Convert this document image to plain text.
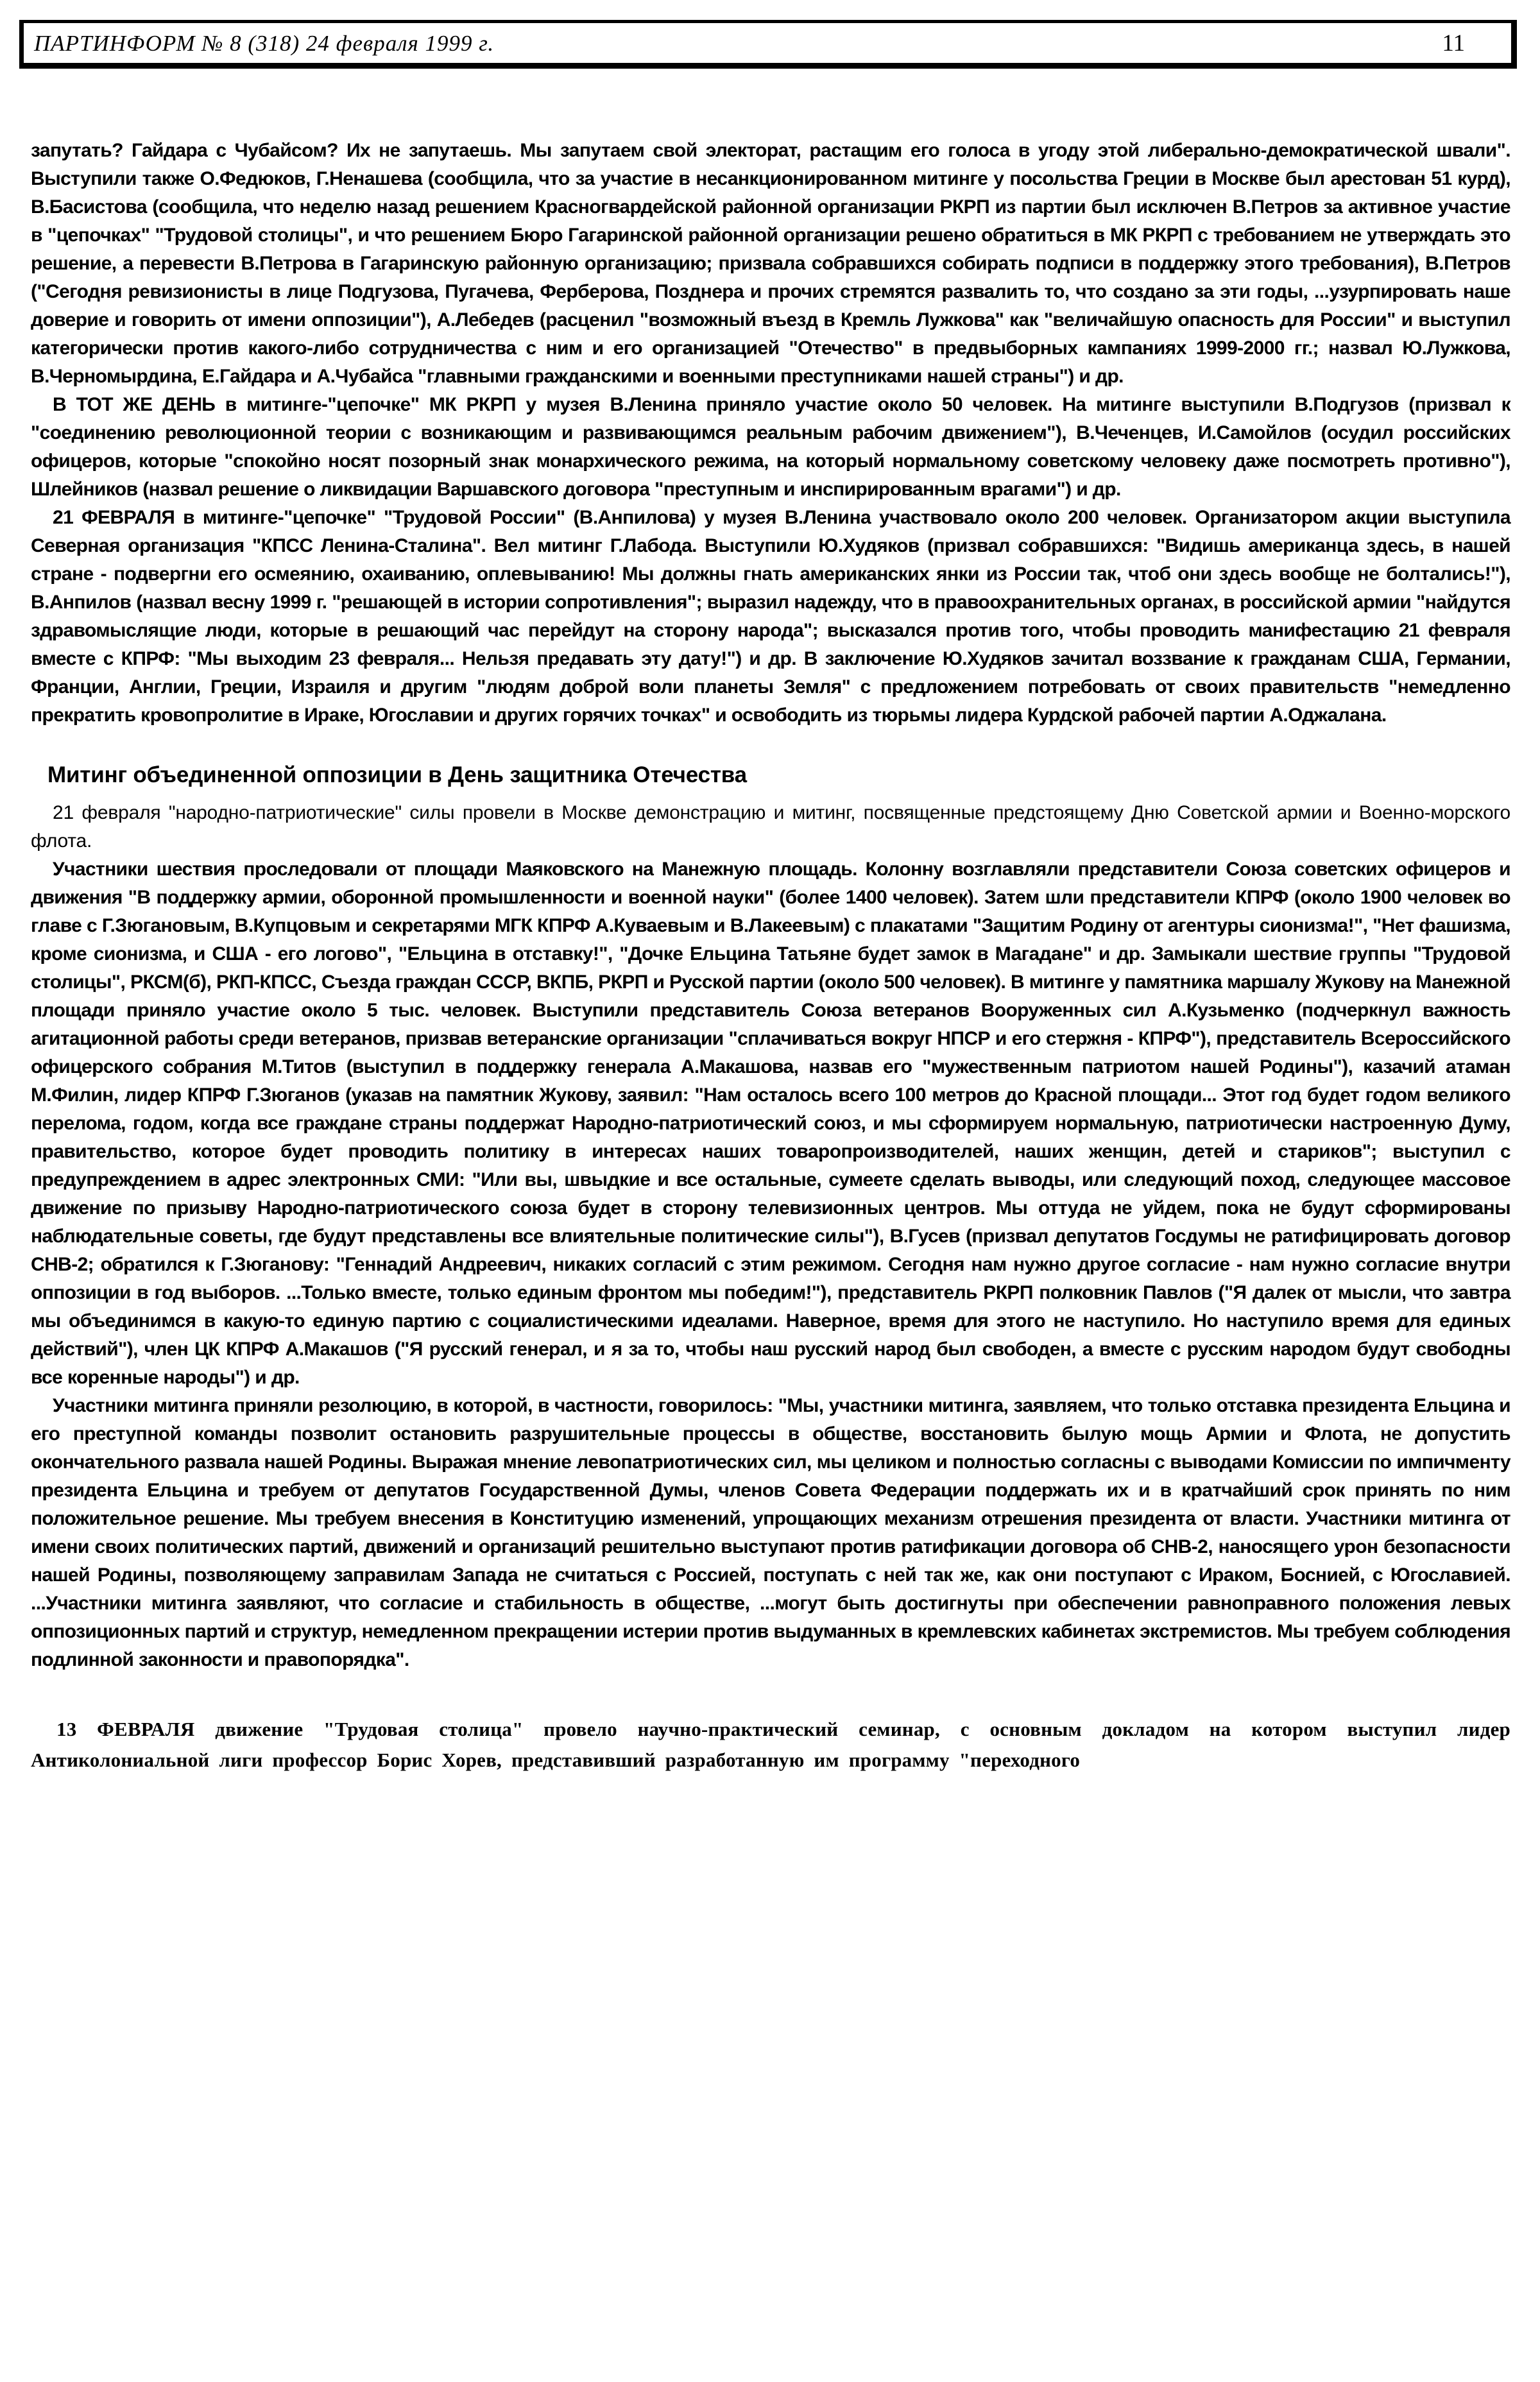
ПАРТИНФОРМ № 8 (318) 24 февраля 1999 г.	11

запутать? Гайдара с Чубайсом? Их не запутаешь. Мы запутаем свой электорат, растащим его голоса в угоду этой либерально-демократической швали". Выступили также О.Федюков, Г.Ненашева (сообщила, что за участие в несанкционированном митинге у посольства Греции в Москве был арестован 51 курд), В.Басистова (сообщила, что неделю назад решением Красногвардейской районной организации РКРП из партии был исключен В.Петров за активное участие в "цепочках" "Трудовой столицы", и что решением Бюро Гагаринской районной организации решено обратиться в МК РКРП с требованием не утверждать это решение, а перевести В.Петрова в Гагаринскую районную организацию; призвала собравшихся собирать подписи в поддержку этого требования), В.Петров ("Сегодня ревизионисты в лице Подгузова, Пугачева, Ферберова, Позднера и прочих стремятся развалить то, что создано за эти годы, ...узурпировать наше доверие и говорить от имени оппозиции"), А.Лебедев (расценил "возможный въезд в Кремль Лужкова" как "величайшую опасность для России" и выступил категорически против какого-либо сотрудничества с ним и его организацией "Отечество" в предвыборных кампаниях 1999-2000 гг.; назвал Ю.Лужкова, В.Черномырдина, Е.Гайдара и А.Чубайса "главными гражданскими и военными преступниками нашей страны") и др.

В ТОТ ЖЕ ДЕНЬ в митинге-"цепочке" МК РКРП у музея В.Ленина приняло участие около 50 человек. На митинге выступили В.Подгузов (призвал к "соединению революционной теории с возникающим и развивающимся реальным рабочим движением"), В.Чеченцев, И.Самойлов (осудил российских офицеров, которые "спокойно носят позорный знак монархического режима, на который нормальному советскому человеку даже посмотреть противно"), Шлейников (назвал решение о ликвидации Варшавского договора "преступным и инспирированным врагами") и др.

21 ФЕВРАЛЯ в митинге-"цепочке" "Трудовой России" (В.Анпилова) у музея В.Ленина участвовало около 200 человек. Организатором акции выступила Северная организация "КПСС Ленина-Сталина". Вел митинг Г.Лабода. Выступили Ю.Худяков (призвал собравшихся: "Видишь американца здесь, в нашей стране - подвергни его осмеянию, охаиванию, оплевыванию! Мы должны гнать американских янки из России так, чтоб они здесь вообще не болтались!"), В.Анпилов (назвал весну 1999 г. "решающей в истории сопротивления"; выразил надежду, что в правоохранительных органах, в российской армии "найдутся здравомыслящие люди, которые в решающий час перейдут на сторону народа"; высказался против того, чтобы проводить манифестацию 21 февраля вместе с КПРФ: "Мы выходим 23 февраля... Нельзя предавать эту дату!") и др. В заключение Ю.Худяков зачитал воззвание к гражданам США, Германии, Франции, Англии, Греции, Израиля и другим "людям доброй воли планеты Земля" с предложением потребовать от своих правительств "немедленно прекратить кровопролитие в Ираке, Югославии и других горячих точках" и освободить из тюрьмы лидера Курдской рабочей партии А.Оджалана.

Митинг объединенной оппозиции в День защитника Отечества

21 февраля "народно-патриотические" силы провели в Москве демонстрацию и митинг, посвященные предстоящему Дню Советской армии и Военно-морского флота.

Участники шествия проследовали от площади Маяковского на Манежную площадь. Колонну возглавляли представители Союза советских офицеров и движения "В поддержку армии, оборонной промышленности и военной науки" (более 1400 человек). Затем шли представители КПРФ (около 1900 человек во главе с Г.Зюгановым, В.Купцовым и секретарями МГК КПРФ А.Куваевым и В.Лакеевым) с плакатами "Защитим Родину от агентуры сионизма!", "Нет фашизма, кроме сионизма, и США - его логово", "Ельцина в отставку!", "Дочке Ельцина Татьяне будет замок в Магадане" и др. Замыкали шествие группы "Трудовой столицы", РКСМ(б), РКП-КПСС, Съезда граждан СССР, ВКПБ, РКРП и Русской партии (около 500 человек). В митинге у памятника маршалу Жукову на Манежной площади приняло участие около 5 тыс. человек. Выступили представитель Союза ветеранов Вооруженных сил А.Кузьменко (подчеркнул важность агитационной работы среди ветеранов, призвав ветеранские организации "сплачиваться вокруг НПСР и его стержня - КПРФ"), представитель Всероссийского офицерского собрания М.Титов (выступил в поддержку генерала А.Макашова, назвав его "мужественным патриотом нашей Родины"), казачий атаман М.Филин, лидер КПРФ Г.Зюганов (указав на памятник Жукову, заявил: "Нам осталось всего 100 метров до Красной площади... Этот год будет годом великого перелома, годом, когда все граждане страны поддержат Народно-патриотический союз, и мы сформируем нормальную, патриотически настроенную Думу, правительство, которое будет проводить политику в интересах наших товаропроизводителей, наших женщин, детей и стариков"; выступил с предупреждением в адрес электронных СМИ: "Или вы, швыдкие и все остальные, сумеете сделать выводы, или следующий поход, следующее массовое движение по призыву Народно-патриотического союза будет в сторону телевизионных центров. Мы оттуда не уйдем, пока не будут сформированы наблюдательные советы, где будут представлены все влиятельные политические силы"), В.Гусев (призвал депутатов Госдумы не ратифицировать договор СНВ-2; обратился к Г.Зюганову: "Геннадий Андреевич, никаких согласий с этим режимом. Сегодня нам нужно другое согласие - нам нужно согласие внутри оппозиции в год выборов. ...Только вместе, только единым фронтом мы победим!"), представитель РКРП полковник Павлов ("Я далек от мысли, что завтра мы объединимся в какую-то единую партию с социалистическими идеалами. Наверное, время для этого не наступило. Но наступило время для единых действий"), член ЦК КПРФ А.Макашов ("Я русский генерал, и я за то, чтобы наш русский народ был свободен, а вместе с русским народом будут свободны все коренные народы") и др.

Участники митинга приняли резолюцию, в которой, в частности, говорилось: "Мы, участники митинга, заявляем, что только отставка президента Ельцина и его преступной команды позволит остановить разрушительные процессы в обществе, восстановить былую мощь Армии и Флота, не допустить окончательного развала нашей Родины. Выражая мнение левопатриотических сил, мы целиком и полностью согласны с выводами Комиссии по импичменту президента Ельцина и требуем от депутатов Государственной Думы, членов Совета Федерации поддержать их и в кратчайший срок принять по ним положительное решение. Мы требуем внесения в Конституцию изменений, упрощающих механизм отрешения президента от власти. Участники митинга от имени своих политических партий, движений и организаций решительно выступают против ратификации договора об СНВ-2, наносящего урон безопасности нашей Родины, позволяющему заправилам Запада не считаться с Россией, поступать с ней так же, как они поступают с Ираком, Боснией, с Югославией. ...Участники митинга заявляют, что согласие и стабильность в обществе, ...могут быть достигнуты при обеспечении равноправного положения левых оппозиционных партий и структур, немедленном прекращении истерии против выдуманных в кремлевских кабинетах экстремистов. Мы требуем соблюдения подлинной законности и правопорядка".

13 ФЕВРАЛЯ движение "Трудовая столица" провело научно-практический семинар, с основным докладом на котором выступил лидер Антиколониальной лиги профессор Борис Хорев, представивший разработанную им программу "переходного
